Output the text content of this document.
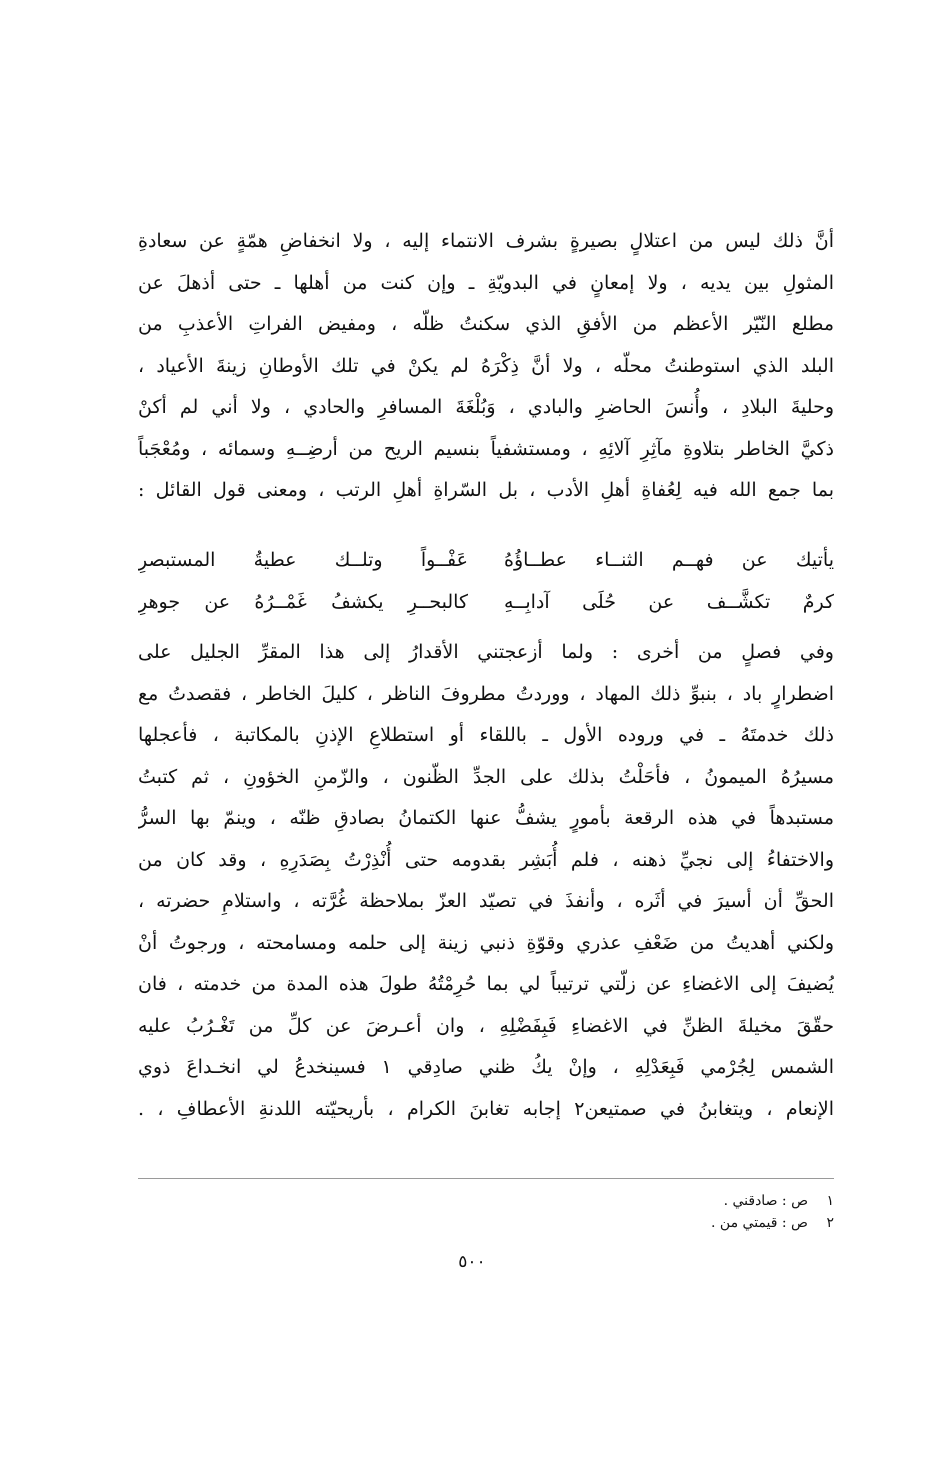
أنَّ ذلك ليس من اعتلالٍ بصيرةٍ بشرف الانتماء إليه ، ولا انخفاضِ همّةٍ عن سعادةِ
المثولِ بين يديه ، ولا إمعانٍ في البدويّةِ ـ وإن كنت من أهلها ـ حتى أذهلَ عن
مطلع النّيّر الأعظم من الأفقِ الذي سكنتُ ظلّه ، ومفيض الفراتِ الأعذبِ من
البلد الذي استوطنتُ محلّه ، ولا أنَّ ذِكْرَهُ لم يكنْ في تلك الأوطانِ زينةَ الأعياد ،
وحليةَ البلادِ ، وأُنسَ الحاضرِ والبادي ، وَبُلْغَةَ المسافرِ والحادي ، ولا أني لم أكنْ
ذكيَّ الخاطر بتلاوةِ مآثِرِ آلائِهِ ، ومستشفياً بنسيم الريح من أرضِــهِ وسمائه ، ومُعْجَباً
بما جمع الله فيه لِعُفاةِ أهلِ الأدب ، بل السّراةِ أهلِ الرتب ، ومعنى قول القائل :
يأتيك عن فهــم الثنــاء عطــاؤُهُ
عَفْــواً وتلــك عطيةُ المستبصرِ
كرمٌ تكشَّــف عن حُلَى آدابِــهِ
كالبحــرِ يكشفُ غَمْــرُهُ عن جوهرِ
وفي فصلٍ من أخرى : ولما أزعجتني الأقدارُ إلى هذا المقرِّ الجليل على
اضطرارٍ باد ، بنبوِّ ذلك المهاد ، ووردتُ مطروفَ الناظر ، كليلَ الخاطر ، فقصدتُ مع
ذلك خدمتَهُ ـ في وروده الأول ـ باللقاء أو استطلاعِ الإذنِ بالمكاتبة ، فأعجلها
مسيرُهُ الميمونُ ، فأحَلْتُ بذلك على الجدِّ الظّنون ، والزّمنِ الخؤونِ ، ثم كتبتُ
مستبدهاً في هذه الرقعة بأمورٍ يشفُّ عنها الكتمانُ بصادقِ ظنّه ، وينمّ بها السرُّ
والاختفاءُ إلى نجيِّ ذهنه ، فلم أُبَشِر بقدومه حتى أُنْذِرْتُ بِصَدَرِهِ ، وقد كان من
الحقِّ أن أسيرَ في أثَره ، وأنفذَ في تصيّد العزّ بملاحظة غُرَّته ، واستلامِ حضرته ،
ولكني أهديتُ من ضَعْفِ عذري وقوّةِ ذنبي زينة إلى حلمه ومسامحته ، ورجوتُ أنْ
يُضيفَ إلى الاغضاءِ عن زلّتي ترتيباً لي بما حُرِمْتُهُ طولَ هذه المدة من خدمته ، فان
حقّقَ مخيلةَ الظنِّ في الاغضاءِ فَبِفَضْلِهِ ، وان أعـرضَ عن كلِّ من تَغْـرُبُ عليه
الشمس لِجُرْمي فَبِعَدْلِهِ ، وإنْ يكُ ظني صادِقي ١ فسينخدعُ لي انخـداعَ ذوي
الإنعام ، ويتغابنُ في صمتيعن٢ إجابه تغابنَ الكرام ، بأريحيّته اللدنةِ الأعطافِ ، .
١ص : صادقني .
٢ص : قيمتي من .
٥٠٠
